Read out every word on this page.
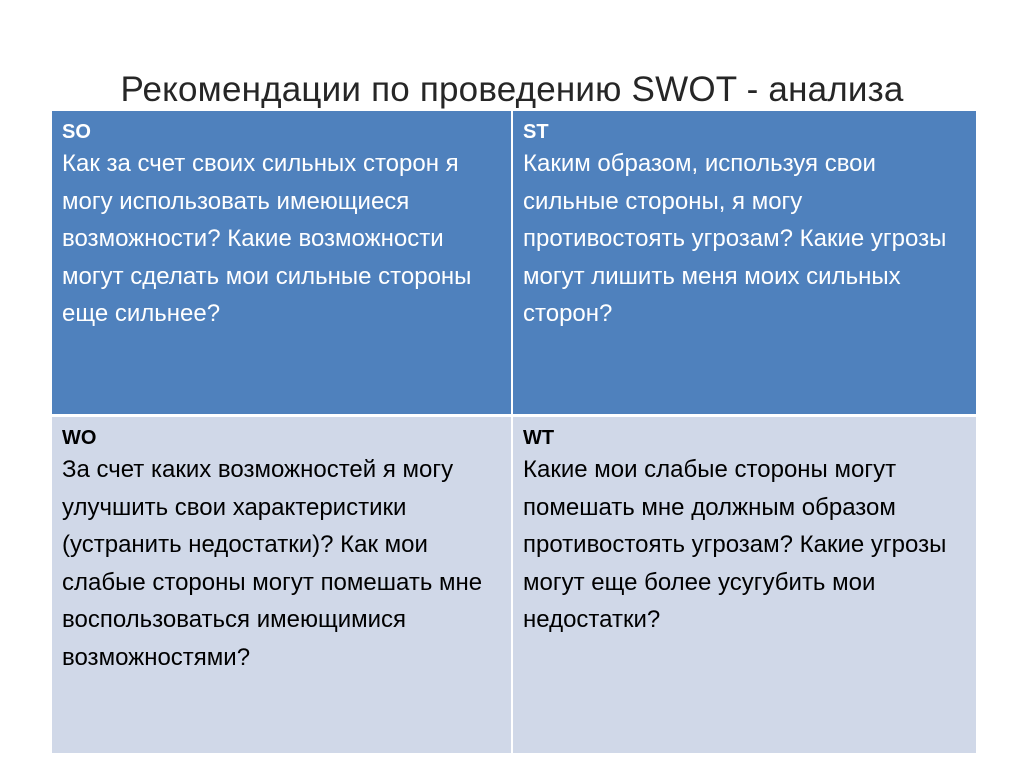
Рекомендации по проведению SWOT - анализа
SO
Как за счет своих сильных сторон я могу использовать имеющиеся возможности? Какие возможности могут сделать мои сильные стороны еще сильнее?
ST
Каким образом, используя свои сильные стороны, я могу противостоять угрозам? Какие угрозы могут лишить меня моих сильных сторон?
WO
За счет каких возможностей я могу улучшить свои характеристики (устранить недостатки)? Как мои слабые стороны могут помешать мне воспользоваться имеющимися возможностями?
WT
Какие мои слабые стороны могут помешать мне должным образом противостоять угрозам? Какие угрозы могут еще более усугубить мои недостатки?
